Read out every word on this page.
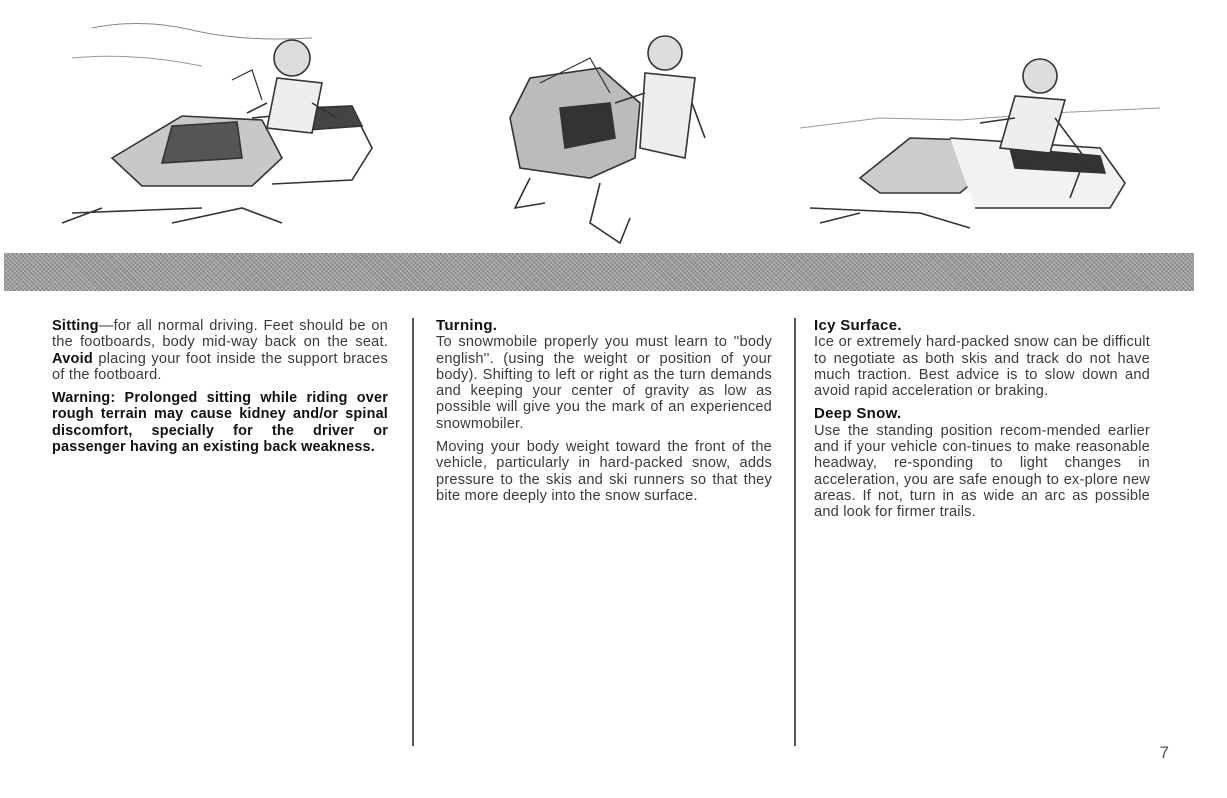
Sitting—for all normal driving. Feet should be on the footboards, body mid-way back on the seat. Avoid placing your foot inside the support braces of the footboard.

Warning: Prolonged sitting while riding over rough terrain may cause kidney and/or spinal discomfort, specially for the driver or passenger having an existing back weakness.

Turning.

To snowmobile properly you must learn to ''body english''. (using the weight or position of your body). Shifting to left or right as the turn demands and keeping your center of gravity as low as possible will give you the mark of an experienced snowmobiler.

Moving your body weight toward the front of the vehicle, particularly in hard-packed snow, adds pressure to the skis and ski runners so that they bite more deeply into the snow surface.

Icy Surface.

Ice or extremely hard-packed snow can be difficult to negotiate as both skis and track do not have much traction. Best advice is to slow down and avoid rapid acceleration or braking.

Deep Snow.

Use the standing position recom-mended earlier and if your vehicle con-tinues to make reasonable headway, re-sponding to light changes in acceleration, you are safe enough to ex-plore new areas. If not, turn in as wide an arc as possible and look for firmer trails.

7
